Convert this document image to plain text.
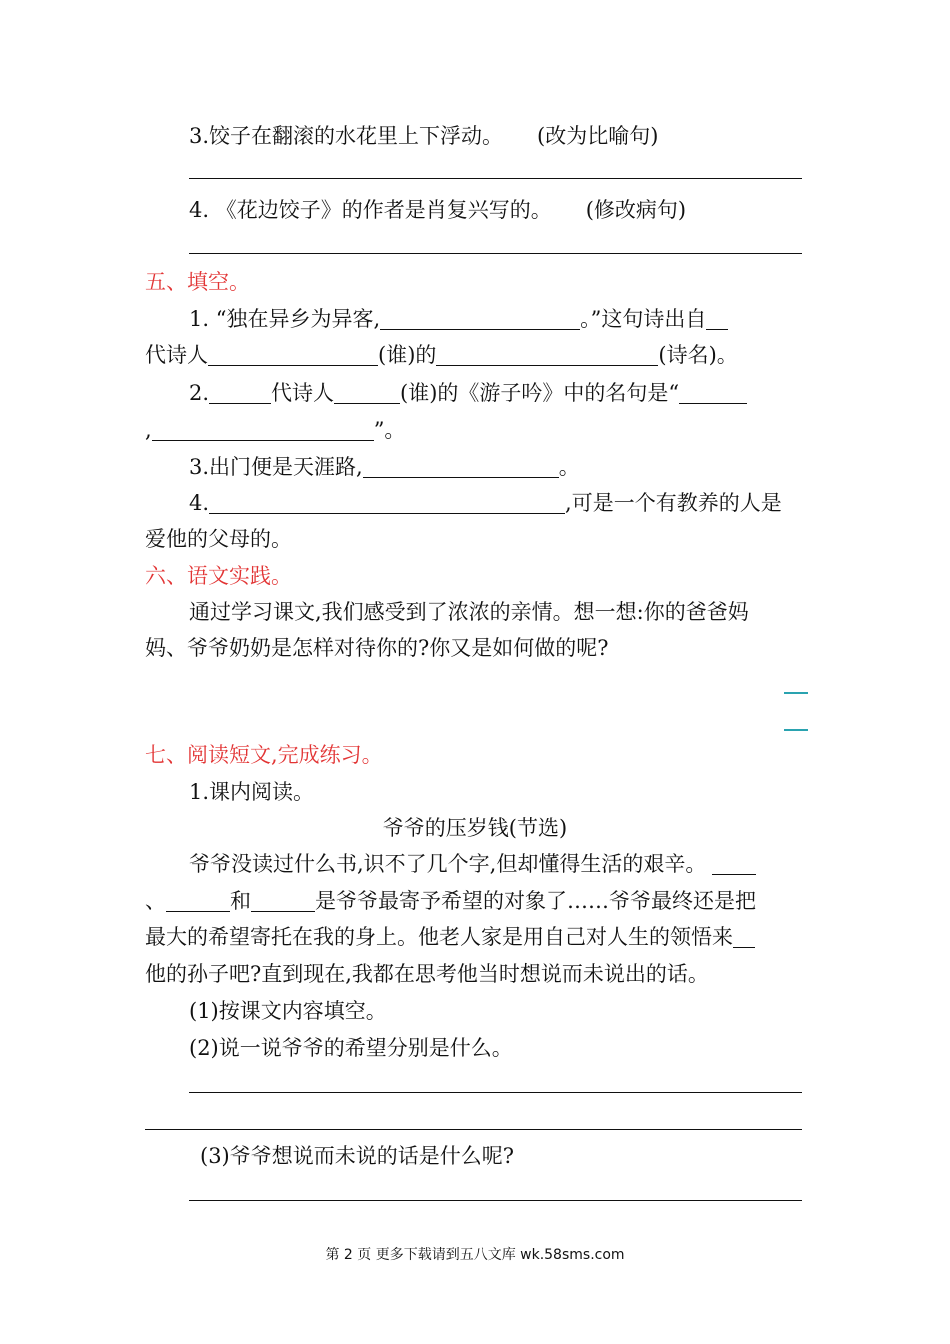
3.饺子在翻滚的水花里上下浮动。 (改为比喻句)
4. 《花边饺子》的作者是肖复兴写的。 (修改病句)
五、填空。
1. “独在异乡为异客,	。”这句诗出自
代诗人	(谁)的	(诗名)。
2.	代诗人	(谁)的《游子吟》中的名句是“
,	”。
3.出门便是天涯路,	。
4.	,可是一个有教养的人是
爱他的父母的。
六、语文实践。
通过学习课文,我们感受到了浓浓的亲情。想一想:你的爸爸妈
妈、爷爷奶奶是怎样对待你的?你又是如何做的呢?
七、阅读短文,完成练习。
1.课内阅读。
爷爷的压岁钱(节选)
爷爷没读过什么书,识不了几个字,但却懂得生活的艰辛。
、	和	是爷爷最寄予希望的对象了……爷爷最终还是把
最大的希望寄托在我的身上。他老人家是用自己对人生的领悟来
他的孙子吧?直到现在,我都在思考他当时想说而未说出的话。
(1)按课文内容填空。
(2)说一说爷爷的希望分别是什么。
(3)爷爷想说而未说的话是什么呢?
第 2 页 更多下载请到五八文库 wk.58sms.com
